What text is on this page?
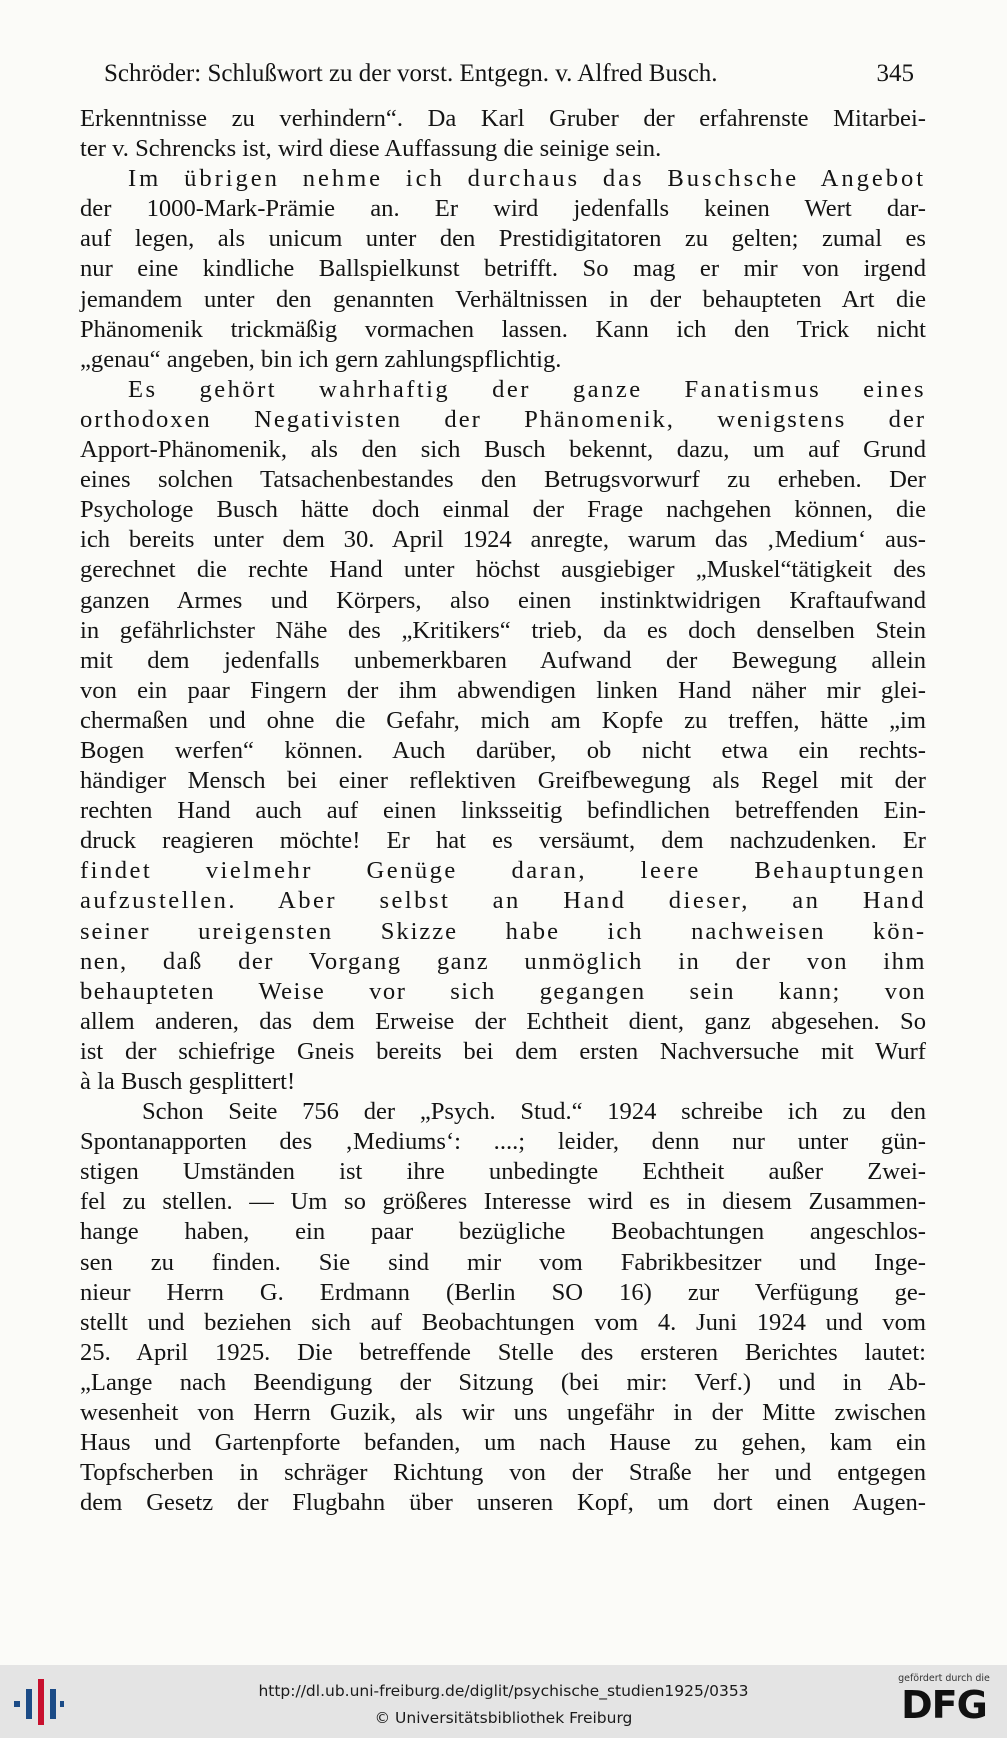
Schröder: Schlußwort zu der vorst. Entgegn. v. Alfred Busch.	345
Erkenntnisse zu verhindern“. Da Karl Gruber der erfahrenste Mitarbei-
ter v. Schrencks ist, wird diese Auffassung die seinige sein.
Im übrigen nehme ich durchaus das Buschsche Angebot
der 1000-Mark-Prämie an. Er wird jedenfalls keinen Wert dar-
auf legen, als unicum unter den Prestidigitatoren zu gelten; zumal es
nur eine kindliche Ballspielkunst betrifft. So mag er mir von irgend
jemandem unter den genannten Verhältnissen in der behaupteten Art die
Phänomenik trickmäßig vormachen lassen. Kann ich den Trick nicht
„genau“ angeben, bin ich gern zahlungspflichtig.
Es gehört wahrhaftig der ganze Fanatismus eines
orthodoxen Negativisten der Phänomenik, wenigstens der
Apport-Phänomenik, als den sich Busch bekennt, dazu, um auf Grund
eines solchen Tatsachenbestandes den Betrugsvorwurf zu erheben. Der
Psychologe Busch hätte doch einmal der Frage nachgehen können, die
ich bereits unter dem 30. April 1924 anregte, warum das ‚Medium‘ aus-
gerechnet die rechte Hand unter höchst ausgiebiger „Muskel“tätigkeit des
ganzen Armes und Körpers, also einen instinktwidrigen Kraftaufwand
in gefährlichster Nähe des „Kritikers“ trieb, da es doch denselben Stein
mit dem jedenfalls unbemerkbaren Aufwand der Bewegung allein
von ein paar Fingern der ihm abwendigen linken Hand näher mir glei-
chermaßen und ohne die Gefahr, mich am Kopfe zu treffen, hätte „im
Bogen werfen“ können. Auch darüber, ob nicht etwa ein rechts-
händiger Mensch bei einer reflektiven Greifbewegung als Regel mit der
rechten Hand auch auf einen linksseitig befindlichen betreffenden Ein-
druck reagieren möchte! Er hat es versäumt, dem nachzudenken. Er
findet vielmehr Genüge daran, leere Behauptungen
aufzustellen. Aber selbst an Hand dieser, an Hand
seiner ureigensten Skizze habe ich nachweisen kön-
nen, daß der Vorgang ganz unmöglich in der von ihm
behaupteten Weise vor sich gegangen sein kann; von
allem anderen, das dem Erweise der Echtheit dient, ganz abgesehen. So
ist der schiefrige Gneis bereits bei dem ersten Nachversuche mit Wurf
à la Busch gesplittert!
Schon Seite 756 der „Psych. Stud.“ 1924 schreibe ich zu den
Spontanapporten des ‚Mediums‘: ....; leider, denn nur unter gün-
stigen Umständen ist ihre unbedingte Echtheit außer Zwei-
fel zu stellen. — Um so größeres Interesse wird es in diesem Zusammen-
hange haben, ein paar bezügliche Beobachtungen angeschlos-
sen zu finden. Sie sind mir vom Fabrikbesitzer und Inge-
nieur Herrn G. Erdmann (Berlin SO 16) zur Verfügung ge-
stellt und beziehen sich auf Beobachtungen vom 4. Juni 1924 und vom
25. April 1925. Die betreffende Stelle des ersteren Berichtes lautet:
„Lange nach Beendigung der Sitzung (bei mir: Verf.) und in Ab-
wesenheit von Herrn Guzik, als wir uns ungefähr in der Mitte zwischen
Haus und Gartenpforte befanden, um nach Hause zu gehen, kam ein
Topfscherben in schräger Richtung von der Straße her und entgegen
dem Gesetz der Flugbahn über unseren Kopf, um dort einen Augen-
http://dl.ub.uni-freiburg.de/diglit/psychische_studien1925/0353
© Universitätsbibliothek Freiburg
gefördert durch die
DFG
